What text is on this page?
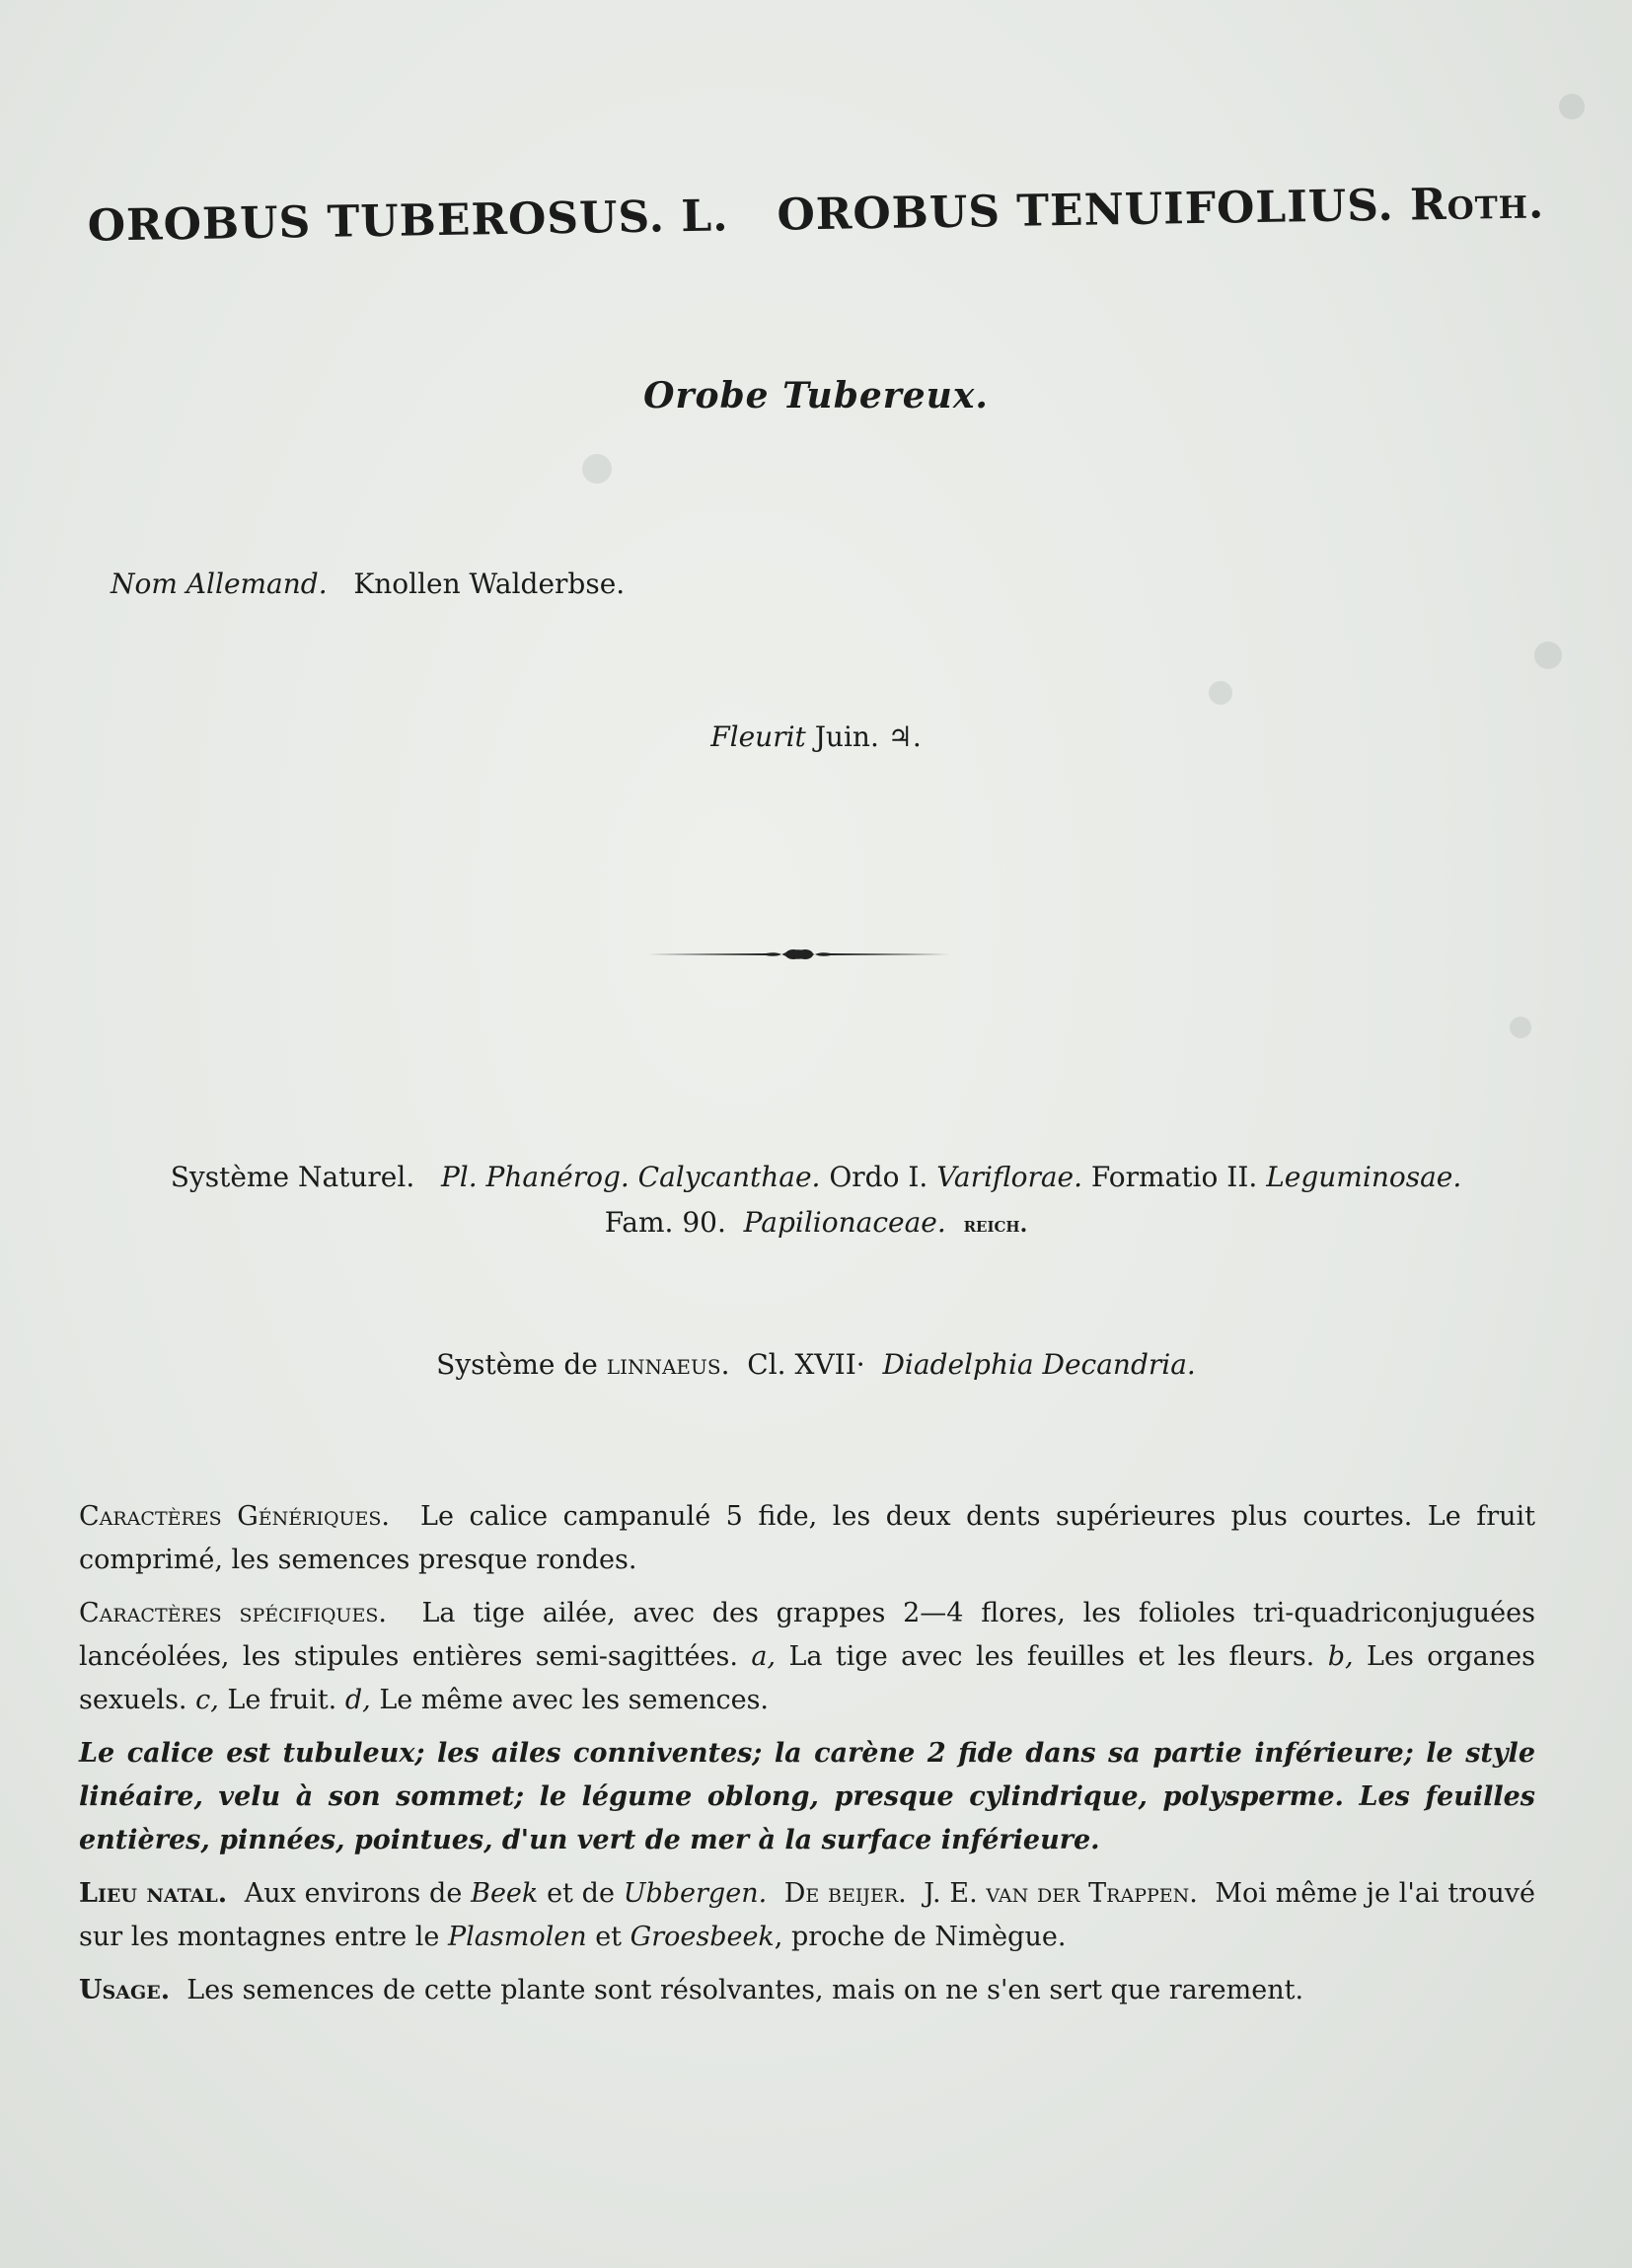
OROBUS TUBEROSUS. L. OROBUS TENUIFOLIUS. Roth.
Orobe Tubereux.
Nom Allemand. Knollen Walderbse.
Fleurit Juin. ♃.
Système Naturel. Pl. Phanérog. Calycanthae. Ordo I. Variflorae. Formatio II. Leguminosae.
Fam. 90. Papilionaceae. reich.
Système de linnaeus. Cl. XVII· Diadelphia Decandria.

Caractères Génériques. Le calice campanulé 5 fide, les deux dents supérieures plus courtes. Le fruit comprimé, les semences presque rondes.

Caractères spécifiques. La tige ailée, avec des grappes 2—4 flores, les folioles tri-quadriconjuguées lancéolées, les stipules entières semi-sagittées. a, La tige avec les feuilles et les fleurs. b, Les organes sexuels. c, Le fruit. d, Le même avec les semences.

Le calice est tubuleux; les ailes conniventes; la carène 2 fide dans sa partie inférieure; le style linéaire, velu à son sommet; le légume oblong, presque cylindrique, polysperme. Les feuilles entières, pinnées, pointues, d'un vert de mer à la surface inférieure.

Lieu natal. Aux environs de Beek et de Ubbergen. De beijer. J. E. van der Trappen. Moi même je l'ai trouvé sur les montagnes entre le Plasmolen et Groesbeek, proche de Nimègue.

Usage. Les semences de cette plante sont résolvantes, mais on ne s'en sert que rarement.
